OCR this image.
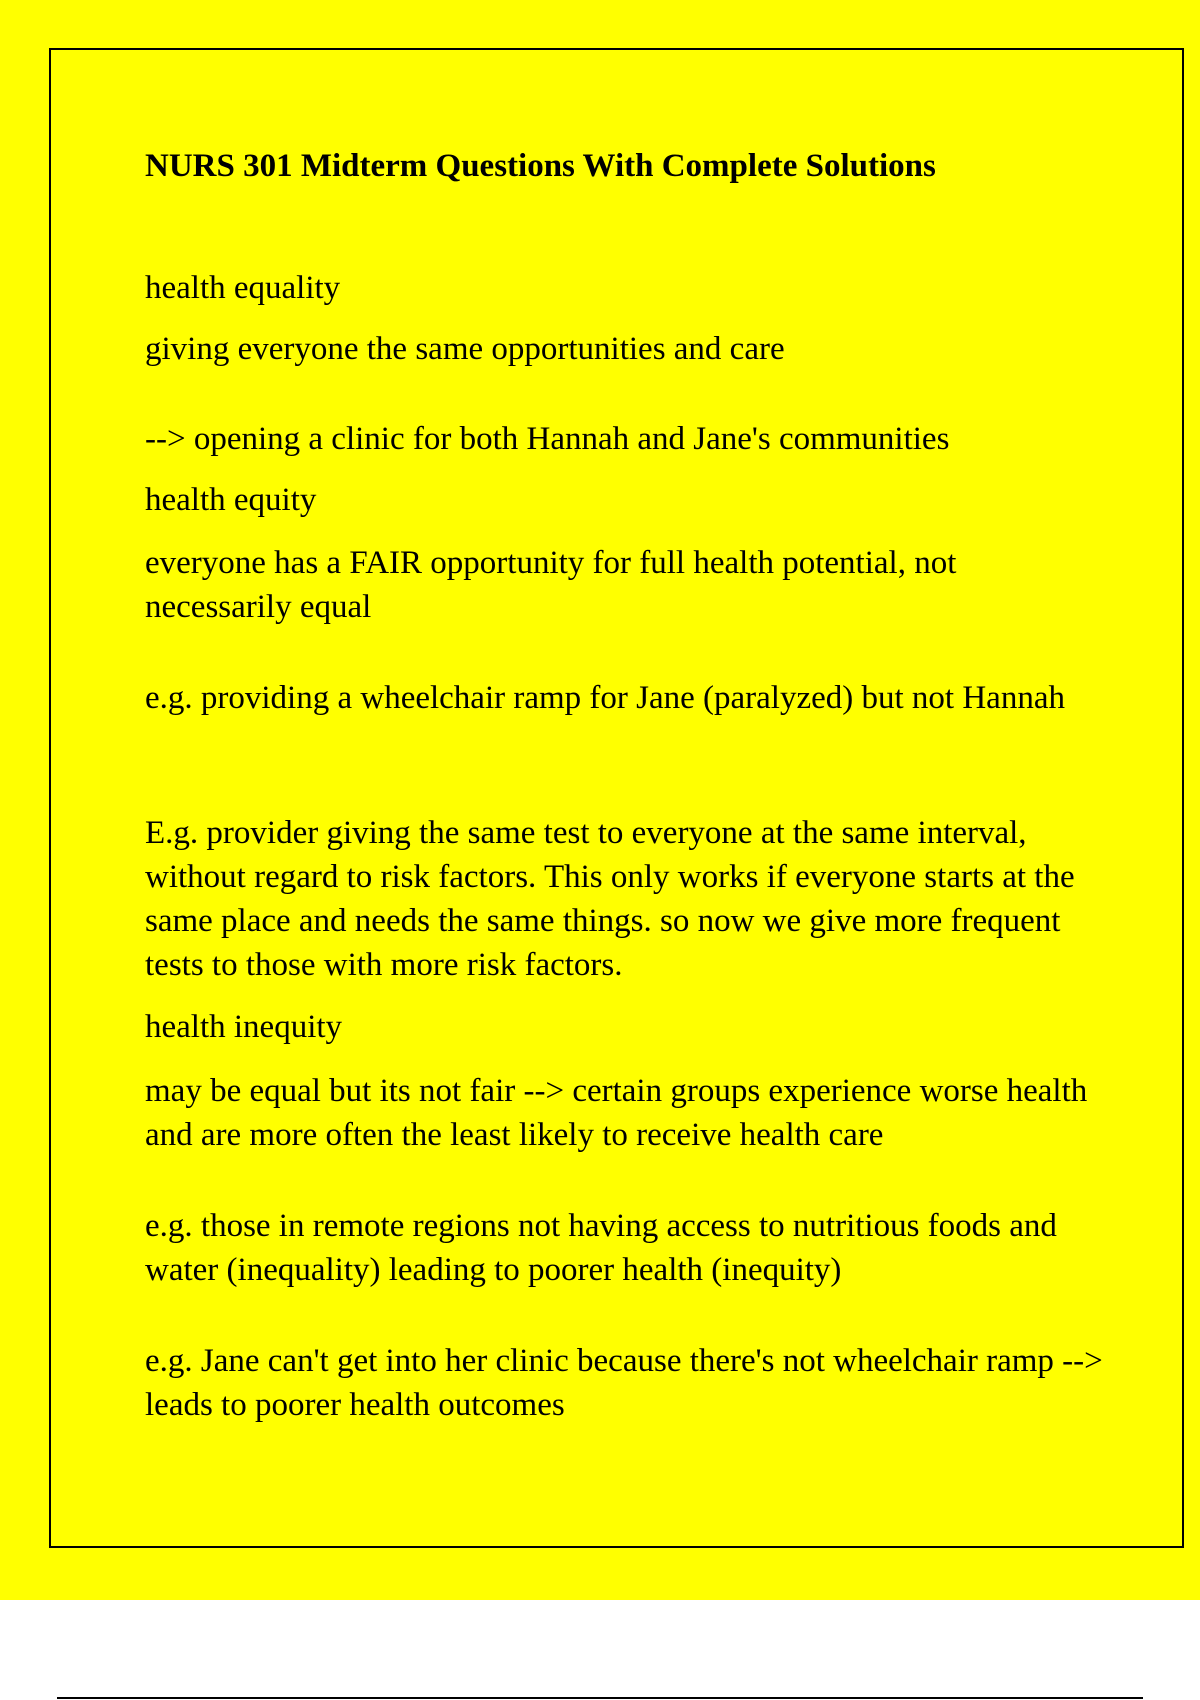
NURS 301 Midterm Questions With Complete Solutions

health equality

giving everyone the same opportunities and care

--> opening a clinic for both Hannah and Jane's communities

health equity

everyone has a FAIR opportunity for full health potential, not necessarily equal

e.g. providing a wheelchair ramp for Jane (paralyzed) but not Hannah

E.g. provider giving the same test to everyone at the same interval, without regard to risk factors. This only works if everyone starts at the same place and needs the same things. so now we give more frequent tests to those with more risk factors.

health inequity

may be equal but its not fair --> certain groups experience worse health and are more often the least likely to receive health care

e.g. those in remote regions not having access to nutritious foods and water (inequality) leading to poorer health (inequity)

e.g. Jane can't get into her clinic because there's not wheelchair ramp --> leads to poorer health outcomes
